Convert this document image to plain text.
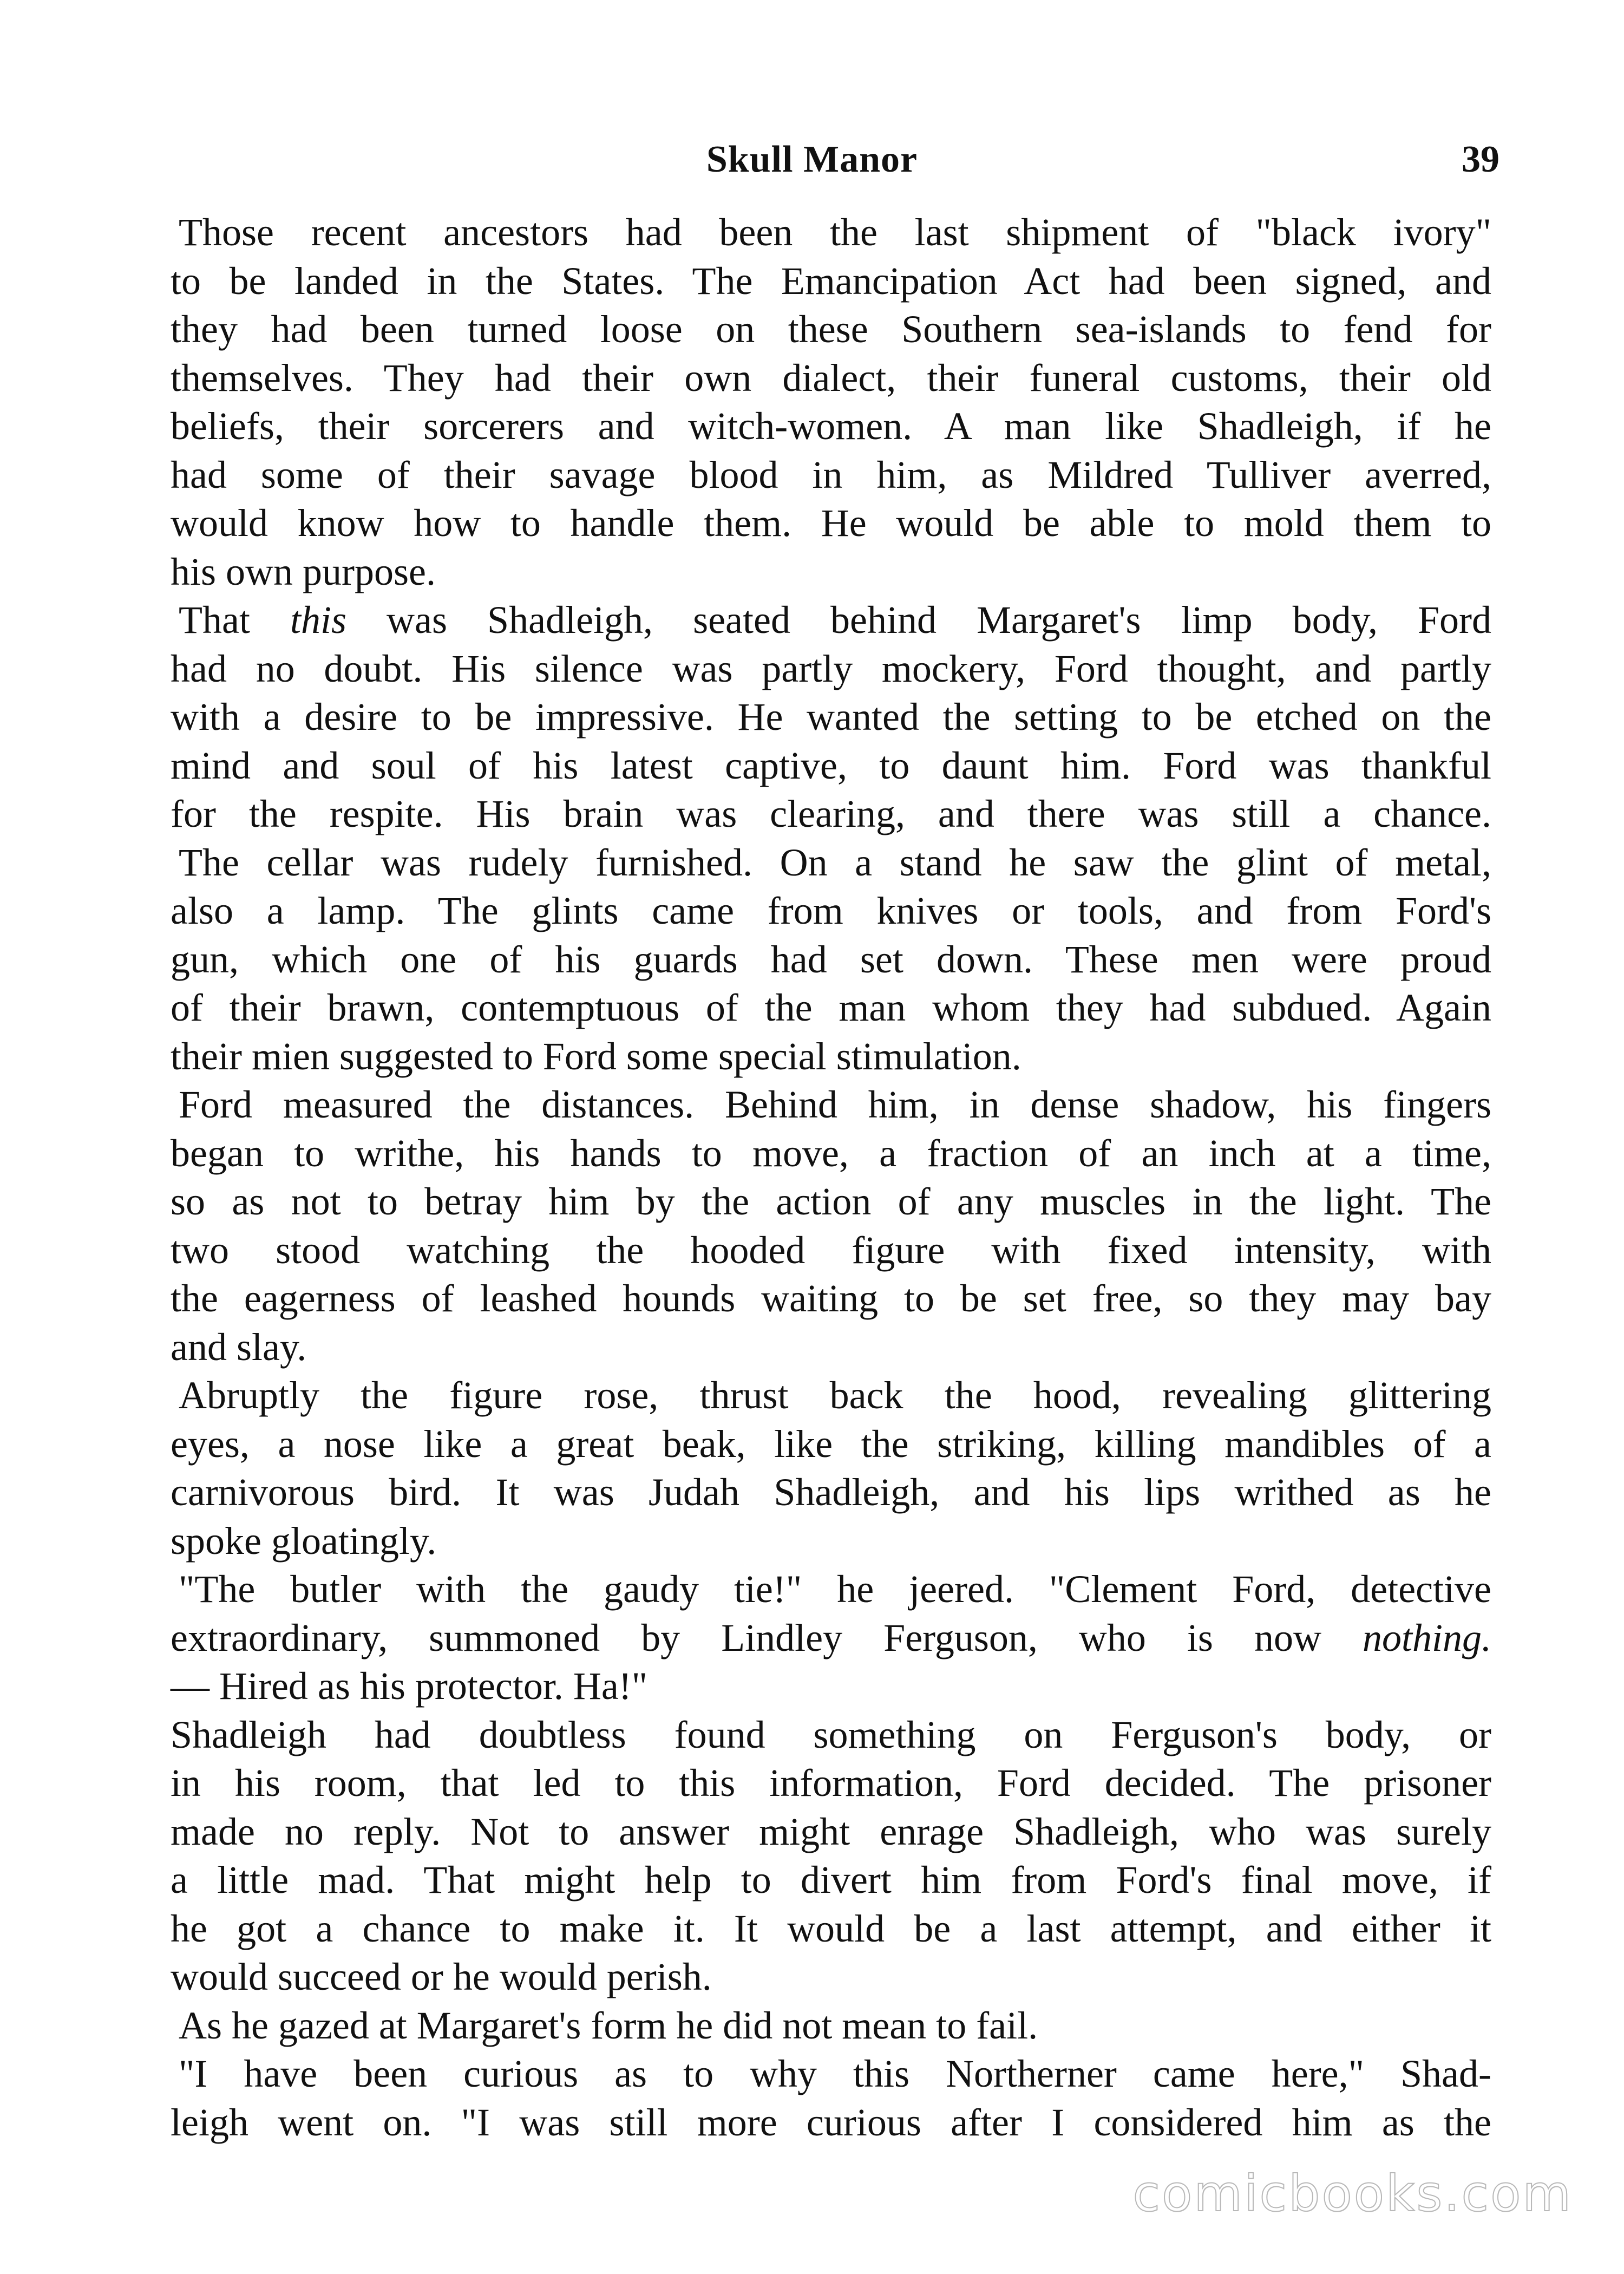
Skull Manor	39
Those recent ancestors had been the last shipment of "black ivory"
to be landed in the States. The Emancipation Act had been signed, and
they had been turned loose on these Southern sea-islands to fend for
themselves. They had their own dialect, their funeral customs, their old
beliefs, their sorcerers and witch-women. A man like Shadleigh, if he
had some of their savage blood in him, as Mildred Tulliver averred,
would know how to handle them. He would be able to mold them to
his own purpose.
That this was Shadleigh, seated behind Margaret's limp body, Ford
had no doubt. His silence was partly mockery, Ford thought, and partly
with a desire to be impressive. He wanted the setting to be etched on the
mind and soul of his latest captive, to daunt him. Ford was thankful
for the respite. His brain was clearing, and there was still a chance.
The cellar was rudely furnished. On a stand he saw the glint of metal,
also a lamp. The glints came from knives or tools, and from Ford's
gun, which one of his guards had set down. These men were proud
of their brawn, contemptuous of the man whom they had subdued. Again
their mien suggested to Ford some special stimulation.
Ford measured the distances. Behind him, in dense shadow, his fingers
began to writhe, his hands to move, a fraction of an inch at a time,
so as not to betray him by the action of any muscles in the light. The
two stood watching the hooded figure with fixed intensity, with
the eagerness of leashed hounds waiting to be set free, so they may bay
and slay.
Abruptly the figure rose, thrust back the hood, revealing glittering
eyes, a nose like a great beak, like the striking, killing mandibles of a
carnivorous bird. It was Judah Shadleigh, and his lips writhed as he
spoke gloatingly.
"The butler with the gaudy tie!" he jeered. "Clement Ford, detective
extraordinary, summoned by Lindley Ferguson, who is now nothing.
— Hired as his protector. Ha!"
Shadleigh had doubtless found something on Ferguson's body, or
in his room, that led to this information, Ford decided. The prisoner
made no reply. Not to answer might enrage Shadleigh, who was surely
a little mad. That might help to divert him from Ford's final move, if
he got a chance to make it. It would be a last attempt, and either it
would succeed or he would perish.
As he gazed at Margaret's form he did not mean to fail.
"I have been curious as to why this Northerner came here," Shad-
leigh went on. "I was still more curious after I considered him as the
comicbooks.com
